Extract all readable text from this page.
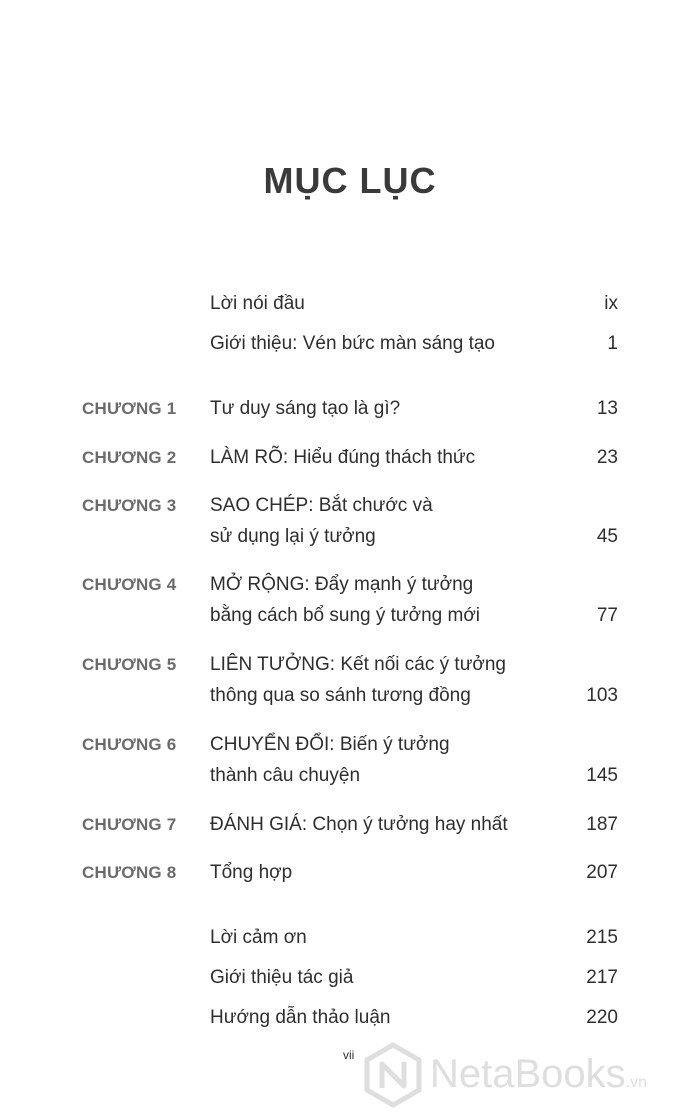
MỤC LỤC
Lời nói đầu	ix
Giới thiệu: Vén bức màn sáng tạo	1
CHƯƠNG 1 Tư duy sáng tạo là gì?	13
CHƯƠNG 2 LÀM RÕ: Hiểu đúng thách thức	23
CHƯƠNG 3 SAO CHÉP: Bắt chước và
sử dụng lại ý tưởng	45
CHƯƠNG 4 MỞ RỘNG: Đẩy mạnh ý tưởng
bằng cách bổ sung ý tưởng mới	77
CHƯƠNG 5 LIÊN TƯỞNG: Kết nối các ý tưởng
thông qua so sánh tương đồng	103
CHƯƠNG 6 CHUYỂN ĐỔI: Biến ý tưởng
thành câu chuyện	145
CHƯƠNG 7 ĐÁNH GIÁ: Chọn ý tưởng hay nhất	187
CHƯƠNG 8 Tổng hợp	207
Lời cảm ơn	215
Giới thiệu tác giả	217
Hướng dẫn thảo luận	220
vii NetaBooks.vn
